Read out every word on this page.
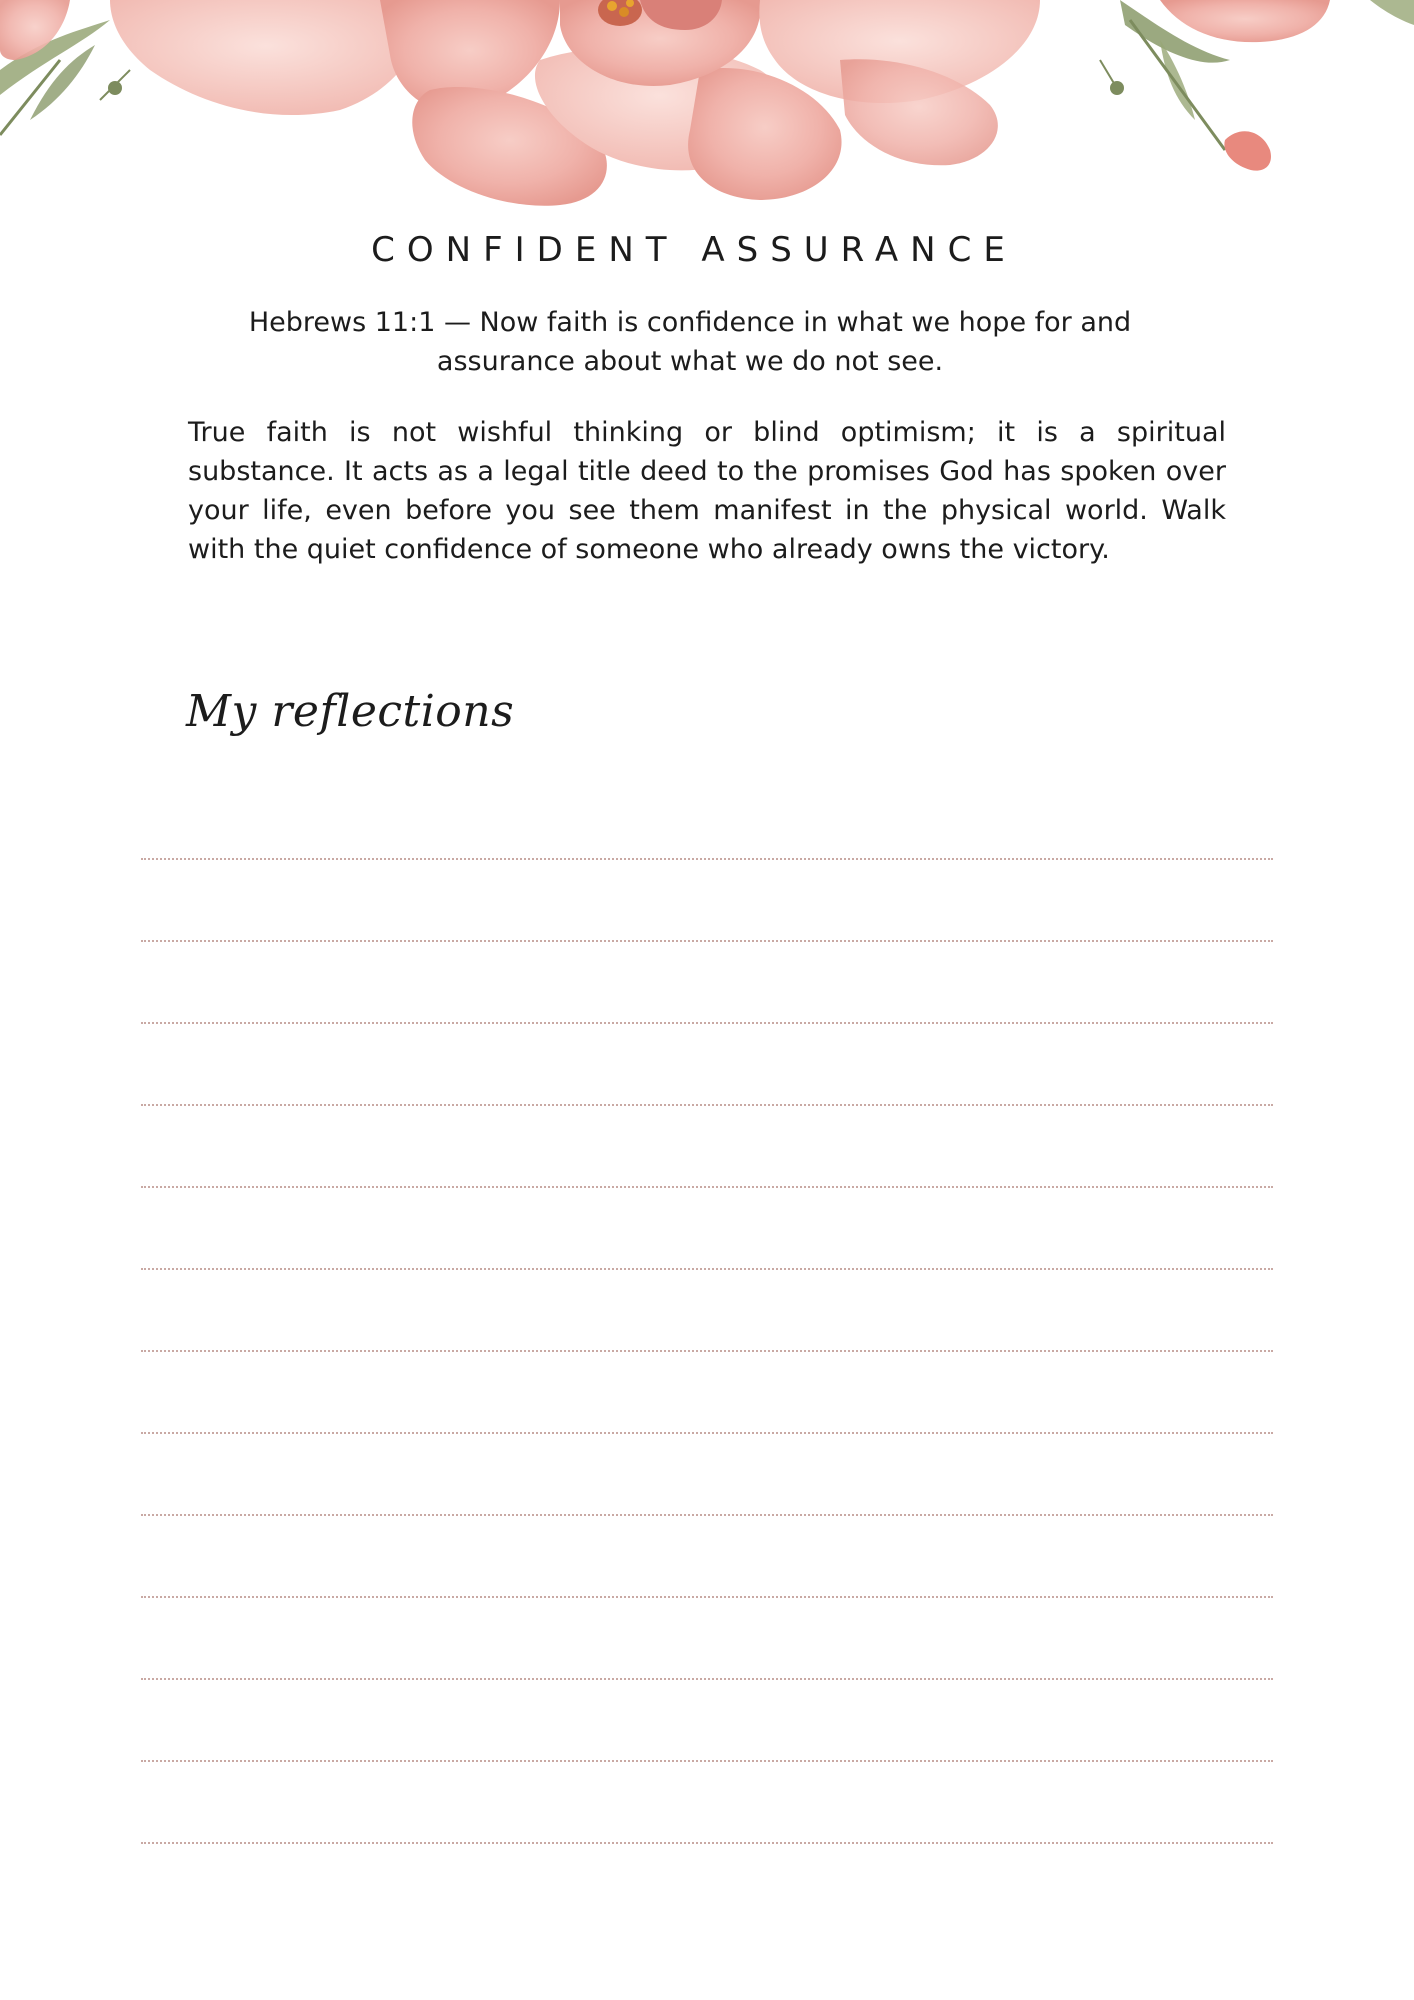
CONFIDENT ASSURANCE
Hebrews 11:1 — Now faith is confidence in what we hope for and
assurance about what we do not see.
True faith is not wishful thinking or blind optimism; it is a spiritual substance. It acts as a legal title deed to the promises God has spoken over your life, even before you see them manifest in the physical world. Walk with the quiet confidence of someone who already owns the victory.
My reflections
